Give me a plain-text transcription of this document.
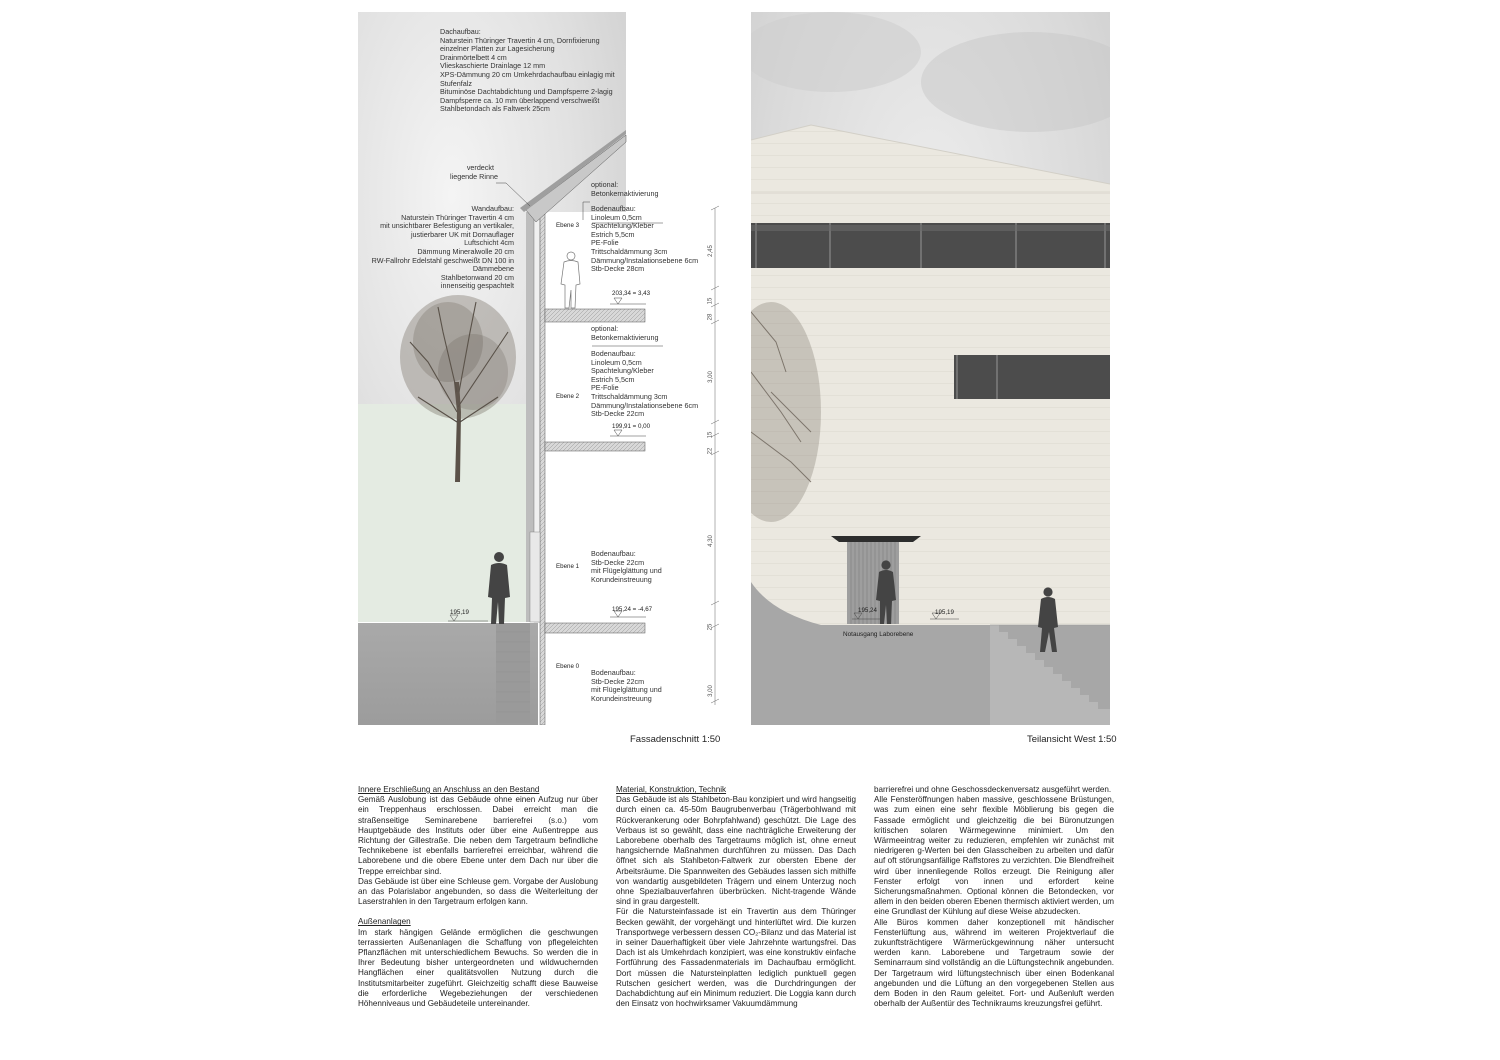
Dachaufbau:
Naturstein Thüringer Travertin 4 cm, Dornfixierung
einzelner Platten zur Lagesicherung
Drainmörtelbett 4 cm
Vlieskaschierte Drainlage 12 mm
XPS-Dämmung 20 cm Umkehrdachaufbau einlagig mit
Stufenfalz
Bituminöse Dachtabdichtung und Dampfsperre 2-lagig
Dampfsperre ca. 10 mm überlappend verschweißt
Stahlbetondach als Faltwerk 25cm
verdeckt
liegende Rinne
optional:
Betonkernaktivierung
Wandaufbau:
Naturstein Thüringer Travertin 4 cm
mit unsichtbarer Befestigung an vertikaler,
justierbarer UK mit Dornauflager
Luftschicht 4cm
Dämmung Mineralwolle 20 cm
RW-Fallrohr Edelstahl geschweißt DN 100 in
Dämmebene
Stahlbetonwand 20 cm
innenseitig gespachtelt
Ebene 3
Bodenaufbau:
Linoleum 0,5cm
Spachtelung/Kleber
Estrich 5,5cm
PE-Folie
Trittschaldämmung 3cm
Dämmung/Instalationsebene 6cm
Stb-Decke 28cm
203,34 = 3,43
optional:
Betonkernaktivierung
Ebene 2
Bodenaufbau:
Linoleum 0,5cm
Spachtelung/Kleber
Estrich 5,5cm
PE-Folie
Trittschaldämmung 3cm
Dämmung/Instalationsebene 6cm
Stb-Decke 22cm
199,91 = 0,00
Ebene 1
Bodenaufbau:
Stb-Decke 22cm
mit Flügelglättung und
Korundeinstreuung
195,24 = -4,67
195,19
Ebene 0
Bodenaufbau:
Stb-Decke 22cm
mit Flügelglättung und
Korundeinstreuung
2,45
15
28
3,00
15
22
4,30
25
3,00
Fassadenschnitt 1:50
195,24	195,19
Notausgang Laborebene
Teilansicht West 1:50
Innere Erschließung an Anschluss an den Bestand

Gemäß Auslobung ist das Gebäude ohne einen Aufzug nur über ein Treppenhaus erschlossen. Dabei erreicht man die straßenseitige Seminarebene barrierefrei (s.o.) vom Hauptgebäude des Instituts oder über eine Außentreppe aus Richtung der Gillestraße. Die neben dem Targetraum befindliche Technikebene ist ebenfalls barrierefrei erreichbar, während die Laborebene und die obere Ebene unter dem Dach nur über die Treppe erreichbar sind.

Das Gebäude ist über eine Schleuse gem. Vorgabe der Auslobung an das Polarislabor angebunden, so dass die Weiterleitung der Laserstrahlen in den Targetraum erfolgen kann.

Außenanlagen

Im stark hängigen Gelände ermöglichen die geschwungen terrassierten Außenanlagen die Schaffung von pflegeleichten Pflanzflächen mit unterschiedlichem Bewuchs. So werden die in Ihrer Bedeutung bisher untergeordneten und wildwuchernden Hangflächen einer qualitätsvollen Nutzung durch die Institutsmitarbeiter zugeführt. Gleichzeitig schafft diese Bauweise die erforderliche Wegebeziehungen der verschiedenen Höhenniveaus und Gebäudeteile untereinander.

Material, Konstruktion, Technik

Das Gebäude ist als Stahlbeton-Bau konzipiert und wird hangseitig durch einen ca. 45-50m Baugrubenverbau (Trägerbohlwand mit Rückverankerung oder Bohrpfahlwand) geschützt. Die Lage des Verbaus ist so gewählt, dass eine nachträgliche Erweiterung der Laborebene oberhalb des Targetraums möglich ist, ohne erneut hangsichernde Maßnahmen durchführen zu müssen. Das Dach öffnet sich als Stahlbeton-Faltwerk zur obersten Ebene der Arbeitsräume. Die Spannweiten des Gebäudes lassen sich mithilfe von wandartig ausgebildeten Trägern und einem Unterzug noch ohne Spezialbauverfahren überbrücken. Nicht-tragende Wände sind in grau dargestellt.

Für die Natursteinfassade ist ein Travertin aus dem Thüringer Becken gewählt, der vorgehängt und hinterlüftet wird. Die kurzen Transportwege verbessern dessen CO₂-Bilanz und das Material ist in seiner Dauerhaftigkeit über viele Jahrzehnte wartungsfrei. Das Dach ist als Umkehrdach konzipiert, was eine konstruktiv einfache Fortführung des Fassadenmaterials im Dachaufbau ermöglicht. Dort müssen die Natursteinplatten lediglich punktuell gegen Rutschen gesichert werden, was die Durchdringungen der Dachabdichtung auf ein Minimum reduziert. Die Loggia kann durch den Einsatz von hochwirksamer Vakuumdämmung

barrierefrei und ohne Geschossdeckenversatz ausgeführt werden.

Alle Fensteröffnungen haben massive, geschlossene Brüstungen, was zum einen eine sehr flexible Möblierung bis gegen die Fassade ermöglicht und gleichzeitig die bei Büronutzungen kritischen solaren Wärmegewinne minimiert. Um den Wärmeeintrag weiter zu reduzieren, empfehlen wir zunächst mit niedrigeren g-Werten bei den Glasscheiben zu arbeiten und dafür auf oft störungsanfällige Raffstores zu verzichten. Die Blendfreiheit wird über innenliegende Rollos erzeugt. Die Reinigung aller Fenster erfolgt von innen und erfordert keine Sicherungsmaßnahmen. Optional können die Betondecken, vor allem in den beiden oberen Ebenen thermisch aktiviert werden, um eine Grundlast der Kühlung auf diese Weise abzudecken.

Alle Büros kommen daher konzeptionell mit händischer Fensterlüftung aus, während im weiteren Projektverlauf die zukunftsträchtigere Wärmerückgewinnung näher untersucht werden kann. Laborebene und Targetraum sowie der Seminarraum sind vollständig an die Lüftungstechnik angebunden. Der Targetraum wird lüftungstechnisch über einen Bodenkanal angebunden und die Lüftung an den vorgegebenen Stellen aus dem Boden in den Raum geleitet. Fort- und Außenluft werden oberhalb der Außentür des Technikraums kreuzungsfrei geführt.
